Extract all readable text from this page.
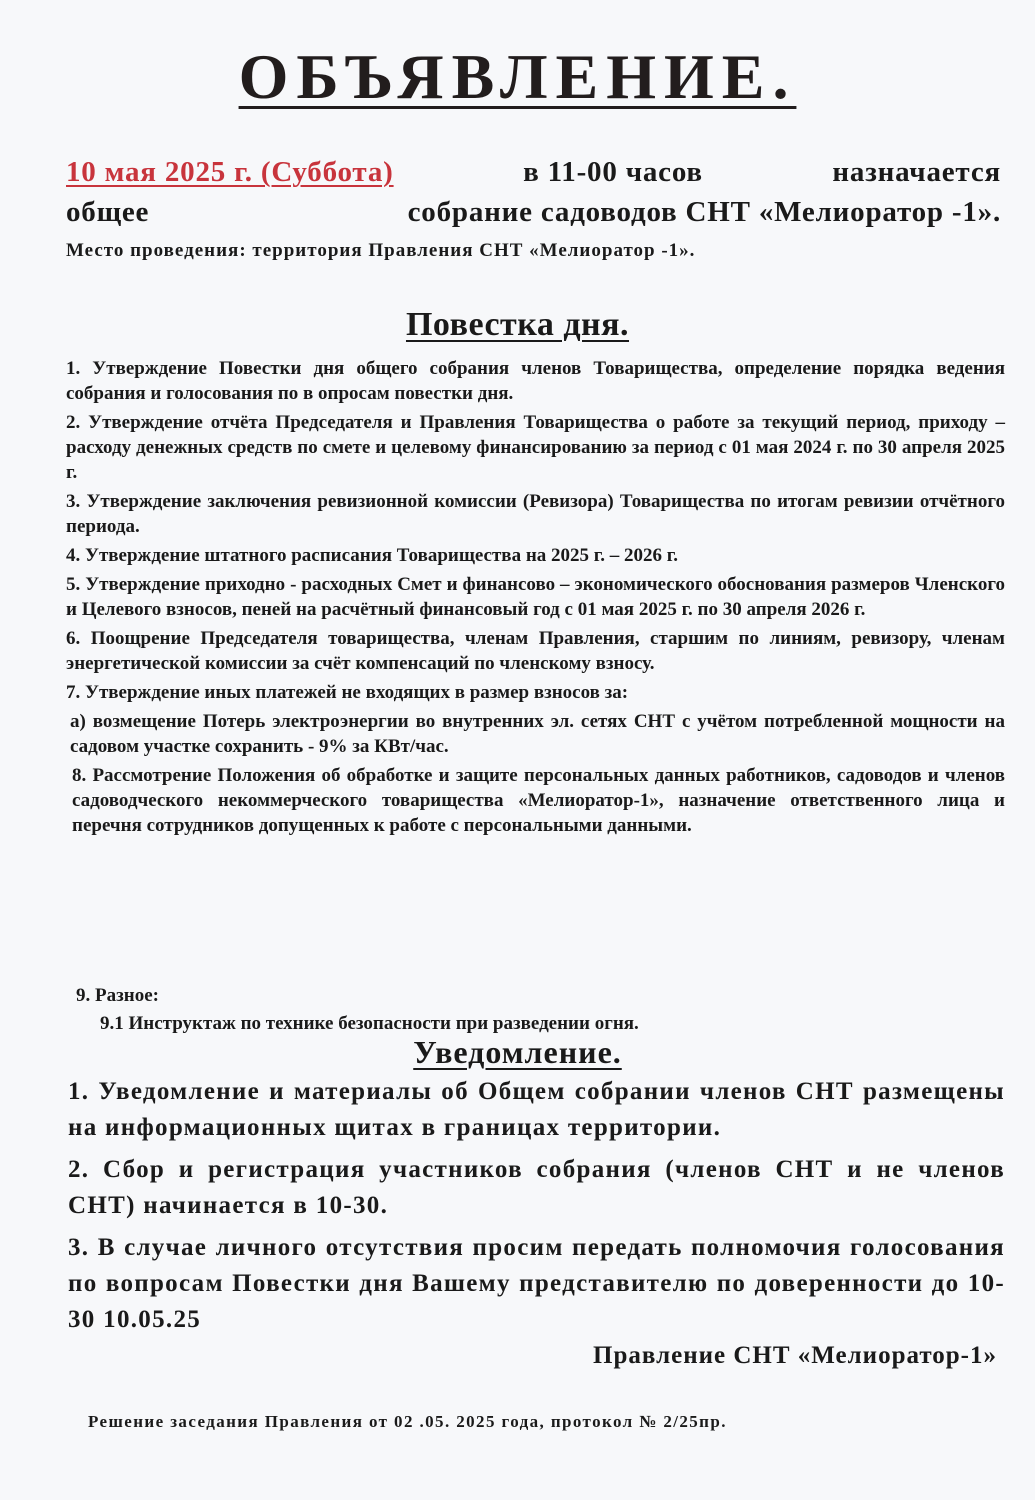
ОБЪЯВЛЕНИЕ.
10 мая 2025 г. (Суббота)	в 11-00 часов	назначается
общее	собрание садоводов СНТ «Мелиоратор -1».
Место проведения: территория Правления СНТ «Мелиоратор -1».
Повестка дня.

1. Утверждение Повестки дня общего собрания членов Товарищества, определение порядка ведения собрания и голосования по в опросам повестки дня.

2. Утверждение отчёта Председателя и Правления Товарищества о работе за текущий период, приходу – расходу денежных средств по смете и целевому финансированию за период с 01 мая 2024 г. по 30 апреля 2025 г.

3. Утверждение заключения ревизионной комиссии (Ревизора) Товарищества по итогам ревизии отчётного периода.

4. Утверждение штатного расписания Товарищества на 2025 г. – 2026 г.

5. Утверждение приходно - расходных Смет и финансово – экономического обоснования размеров Членского и Целевого взносов, пеней на расчётный финансовый год с 01 мая 2025 г. по 30 апреля 2026 г.

6. Поощрение Председателя товарищества, членам Правления, старшим по линиям, ревизору, членам энергетической комиссии за счёт компенсаций по членскому взносу.

7. Утверждение иных платежей не входящих в размер взносов за:

а) возмещение Потерь электроэнергии во внутренних эл. сетях СНТ с учётом потребленной мощности на садовом участке сохранить - 9% за КВт/час.

8. Рассмотрение Положения об обработке и защите персональных данных работников, садоводов и членов садоводческого некоммерческого товарищества «Мелиоратор-1», назначение ответственного лица и перечня сотрудников допущенных к работе с персональными данными.

9. Разное:
9.1 Инструктаж по технике безопасности при разведении огня.
Уведомление.

1. Уведомление и материалы об Общем собрании членов СНТ размещены на информационных щитах в границах территории.

2. Сбор и регистрация участников собрания (членов СНТ и не членов СНТ) начинается в 10-30.

3. В случае личного отсутствия просим передать полномочия голосования по вопросам Повестки дня Вашему представителю по доверенности до 10-30 10.05.25

Правление СНТ «Мелиоратор-1»
Решение заседания Правления от 02 .05. 2025 года, протокол № 2/25пр.
